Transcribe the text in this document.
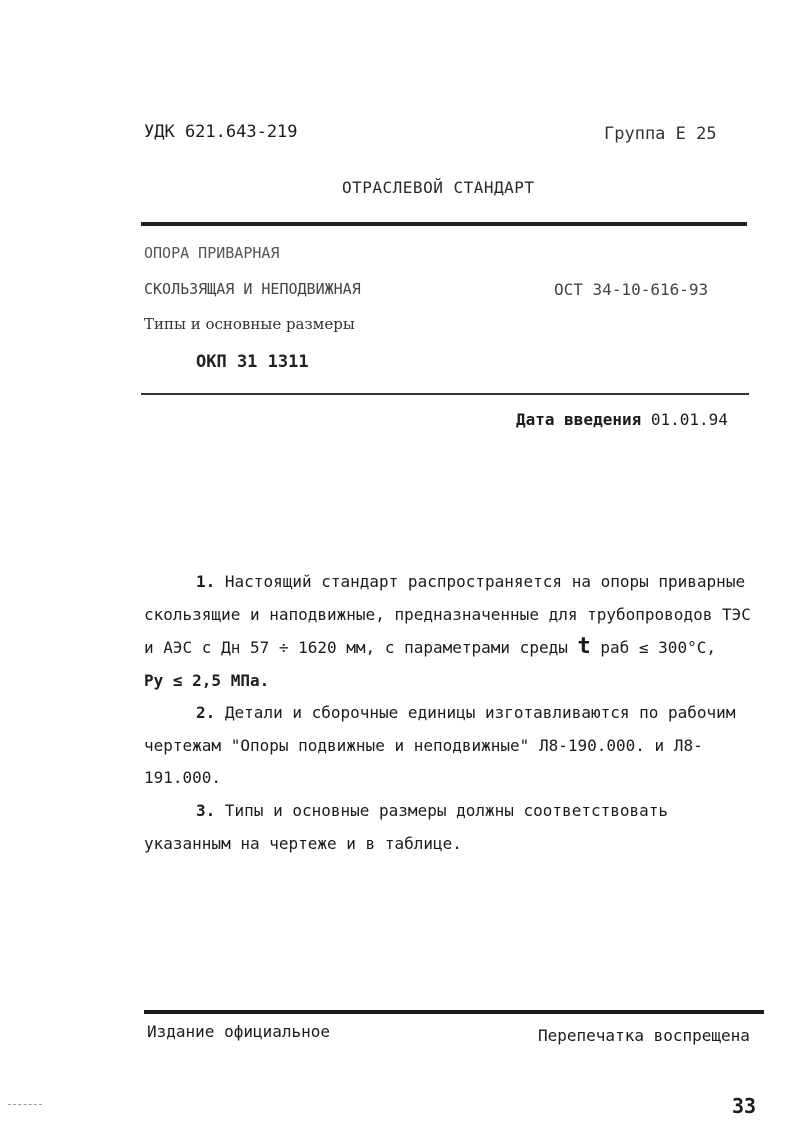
УДК 621.643-219	Группа Е 25
ОТРАСЛЕВОЙ СТАНДАРТ
ОПОРА ПРИВАРНАЯ
СКОЛЬЗЯЩАЯ И НЕПОДВИЖНАЯ
Типы и основные размеры
ОСТ 34-10-616-93
ОКП 31 1311
Дата введения 01.01.94
1. Настоящий стандарт распространяется на опоры приварные скользящие и наподвижные, предназначенные для трубопроводов ТЭС и АЭС с Дн 57 ÷ 1620 мм, с параметрами среды t раб ≤ 300°С,
Ру ≤ 2,5 МПа.
2. Детали и сборочные единицы изготавливаются по рабочим чертежам "Опоры подвижные и неподвижные" Л8-190.000. и Л8-191.000.
3. Типы и основные размеры должны соответствовать указанным на чертеже и в таблице.
Издание официальное	Перепечатка воспрещена
33
